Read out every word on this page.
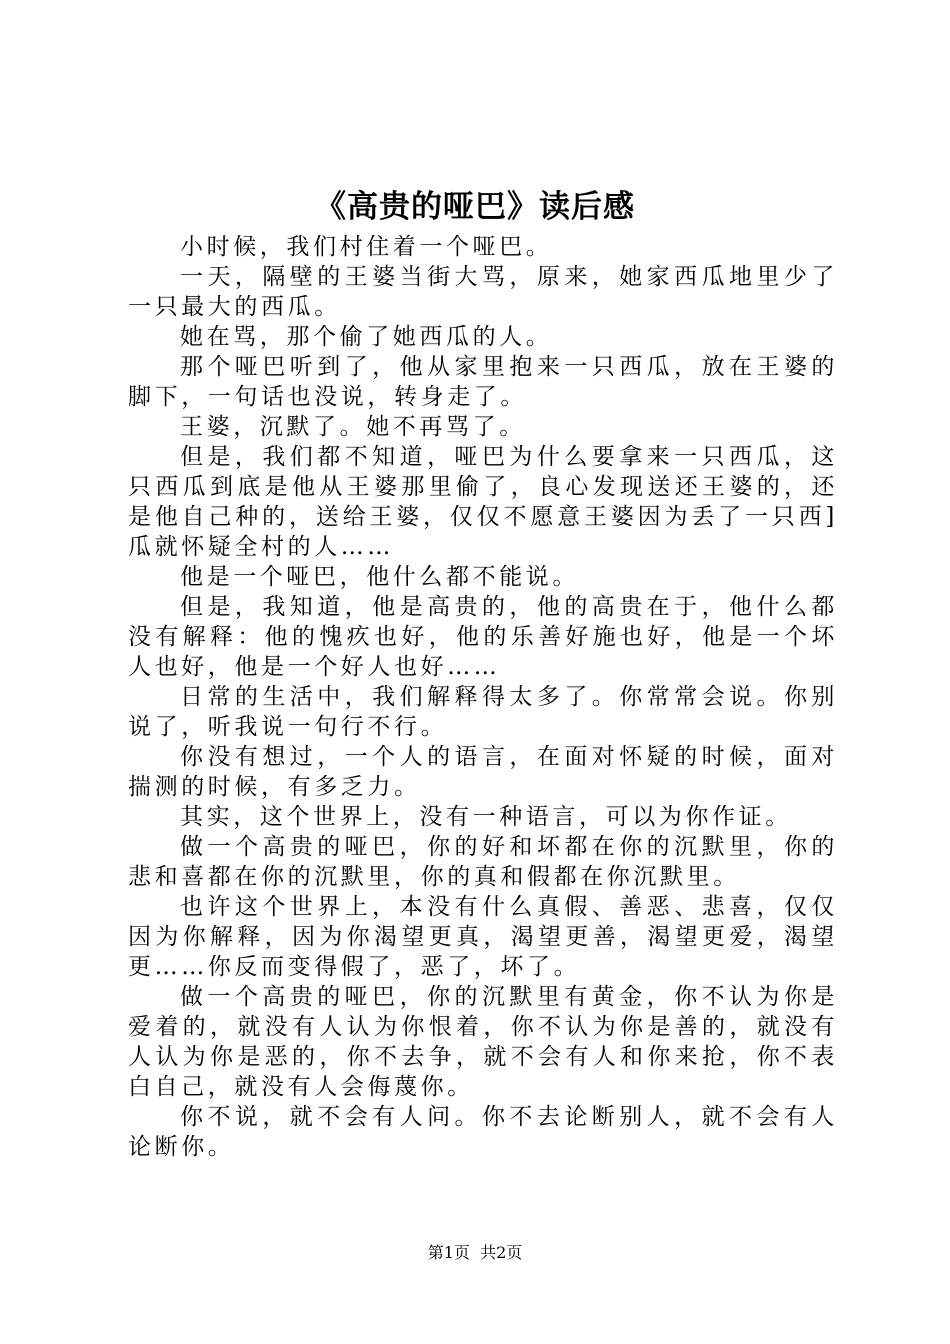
《高贵的哑巴》读后感

小时候，我们村住着一个哑巴。

一天，隔壁的王婆当街大骂，原来，她家西瓜地里少了一只最大的西瓜。

她在骂，那个偷了她西瓜的人。

那个哑巴听到了，他从家里抱来一只西瓜，放在王婆的脚下，一句话也没说，转身走了。

王婆，沉默了。她不再骂了。

但是，我们都不知道，哑巴为什么要拿来一只西瓜，这只西瓜到底是他从王婆那里偷了，良心发现送还王婆的，还是他自己种的，送给王婆，仅仅不愿意王婆因为丢了一只西]瓜就怀疑全村的人……

他是一个哑巴，他什么都不能说。

但是，我知道，他是高贵的，他的高贵在于，他什么都没有解释：他的愧疚也好，他的乐善好施也好，他是一个坏人也好，他是一个好人也好……

日常的生活中，我们解释得太多了。你常常会说。你别说了，听我说一句行不行。

你没有想过，一个人的语言，在面对怀疑的时候，面对揣测的时候，有多乏力。

其实，这个世界上，没有一种语言，可以为你作证。

做一个高贵的哑巴，你的好和坏都在你的沉默里，你的悲和喜都在你的沉默里，你的真和假都在你沉默里。

也许这个世界上，本没有什么真假、善恶、悲喜，仅仅因为你解释，因为你渴望更真，渴望更善，渴望更爱，渴望更……你反而变得假了，恶了，坏了。

做一个高贵的哑巴，你的沉默里有黄金，你不认为你是爱着的，就没有人认为你恨着，你不认为你是善的，就没有人认为你是恶的，你不去争，就不会有人和你来抢，你不表白自己，就没有人会侮蔑你。

你不说，就不会有人问。你不去论断别人，就不会有人论断你。

第1页 共2页
